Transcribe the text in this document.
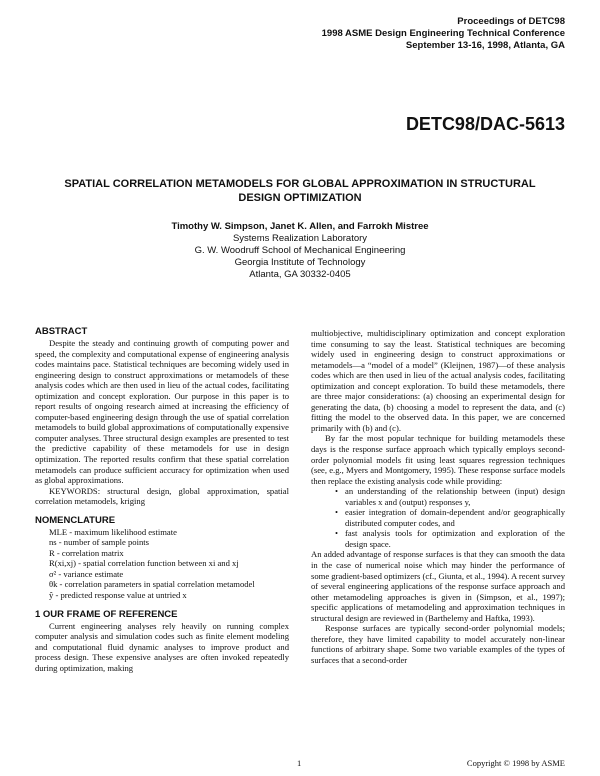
Proceedings of DETC98
1998 ASME Design Engineering Technical Conference
September 13-16, 1998, Atlanta, GA
DETC98/DAC-5613
SPATIAL CORRELATION METAMODELS FOR GLOBAL APPROXIMATION IN STRUCTURAL DESIGN OPTIMIZATION
Timothy W. Simpson, Janet K. Allen, and Farrokh Mistree
Systems Realization Laboratory
G. W. Woodruff School of Mechanical Engineering
Georgia Institute of Technology
Atlanta, GA 30332-0405
ABSTRACT

Despite the steady and continuing growth of computing power and speed, the complexity and computational expense of engineering analysis codes maintains pace. Statistical techniques are becoming widely used in engineering design to construct approximations or metamodels of these analysis codes which are then used in lieu of the actual codes, facilitating optimization and concept exploration. Our purpose in this paper is to report results of ongoing research aimed at increasing the efficiency of computer-based engineering design through the use of spatial correlation metamodels to build global approximations of computationally expensive computer analyses. Three structural design examples are presented to test the predictive capability of these metamodels for use in design optimization. The reported results confirm that these spatial correlation metamodels can produce sufficient accuracy for optimization when used as global approximations.

KEYWORDS: structural design, global approximation, spatial correlation metamodels, kriging

NOMENCLATURE
MLE - maximum likelihood estimate
ns - number of sample points
R - correlation matrix
R(xi,xj) - spatial correlation function between xi and xj
σ² - variance estimate
θk - correlation parameters in spatial correlation metamodel
ŷ - predicted response value at untried x
1 OUR FRAME OF REFERENCE

Current engineering analyses rely heavily on running complex computer analysis and simulation codes such as finite element modeling and computational fluid dynamic analyses to improve product and process design. These expensive analyses are often invoked repeatedly during optimization, making

multiobjective, multidisciplinary optimization and concept exploration time consuming to say the least. Statistical techniques are becoming widely used in engineering design to construct approximations or metamodels—a “model of a model” (Kleijnen, 1987)—of these analysis codes which are then used in lieu of the actual analysis codes, facilitating optimization and concept exploration. To build these metamodels, there are three major considerations: (a) choosing an experimental design for generating the data, (b) choosing a model to represent the data, and (c) fitting the model to the observed data. In this paper, we are concerned primarily with (b) and (c).

By far the most popular technique for building metamodels these days is the response surface approach which typically employs second-order polynomial models fit using least squares regression techniques (see, e.g., Myers and Montgomery, 1995). These response surface models then replace the existing analysis code while providing:

• an understanding of the relationship between (input) design variables x and (output) responses y,
• easier integration of domain-dependent and/or geographically distributed computer codes, and
• fast analysis tools for optimization and exploration of the design space.

An added advantage of response surfaces is that they can smooth the data in the case of numerical noise which may hinder the performance of some gradient-based optimizers (cf., Giunta, et al., 1994). A recent survey of several engineering applications of the response surface approach and other metamodeling approaches is given in (Simpson, et al., 1997); specific applications of metamodeling and approximation techniques in structural design are reviewed in (Barthelemy and Haftka, 1993).

Response surfaces are typically second-order polynomial models; therefore, they have limited capability to model accurately non-linear functions of arbitrary shape. Some two variable examples of the types of surfaces that a second-order

1	Copyright © 1998 by ASME
